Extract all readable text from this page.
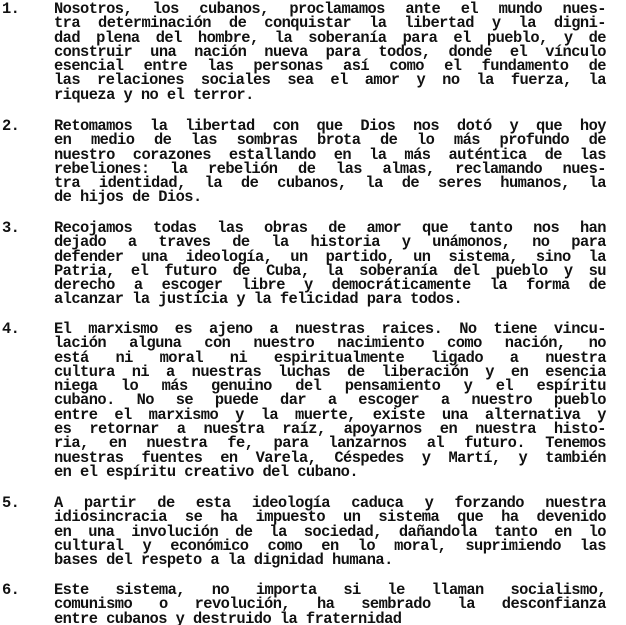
1.	Nosotros, los cubanos, proclamamos ante el mundo nues-
tra determinación de conquistar la libertad y la digni-
dad plena del hombre, la soberanía para el pueblo, y de
construir una nación nueva para todos, donde el vínculo
esencial entre las personas así como el fundamento de
las relaciones sociales sea el amor y no la fuerza, la
riqueza y no el terror.
2.	Retomamos la libertad con que Dios nos dotó y que hoy
en medio de las sombras brota de lo más profundo de
nuestro corazones estallando en la más auténtica de las
rebeliones: la rebelión de las almas, reclamando nues-
tra identidad, la de cubanos, la de seres humanos, la
de hijos de Dios.
3.	Recojamos todas las obras de amor que tanto nos han
dejado a traves de la historia y unámonos, no para
defender una ideología, un partido, un sistema, sino la
Patria, el futuro de Cuba, la soberanía del pueblo y su
derecho a escoger libre y democráticamente la forma de
alcanzar la justicia y la felicidad para todos.
4.	El marxismo es ajeno a nuestras raices. No tiene vincu-
lación alguna con nuestro nacimiento como nación, no
está ni moral ni espiritualmente ligado a nuestra
cultura ni a nuestras luchas de liberación y en esencia
niega lo más genuino del pensamiento y el espíritu
cubano. No se puede dar a escoger a nuestro pueblo
entre el marxismo y la muerte, existe una alternativa y
es retornar a nuestra raíz, apoyarnos en nuestra histo-
ria, en nuestra fe, para lanzarnos al futuro. Tenemos
nuestras fuentes en Varela, Céspedes y Martí, y también
en el espíritu creativo del cubano.
5.	A partir de esta ideología caduca y forzando nuestra
idiosincracia se ha impuesto un sistema que ha devenido
en una involución de la sociedad, dañandola tanto en lo
cultural y económico como en lo moral, suprimiendo las
bases del respeto a la dignidad humana.
6.	Este sistema, no importa si le llaman socialismo,
comunismo o revolución, ha sembrado la desconfianza
entre cubanos y destruido la fraternidad
